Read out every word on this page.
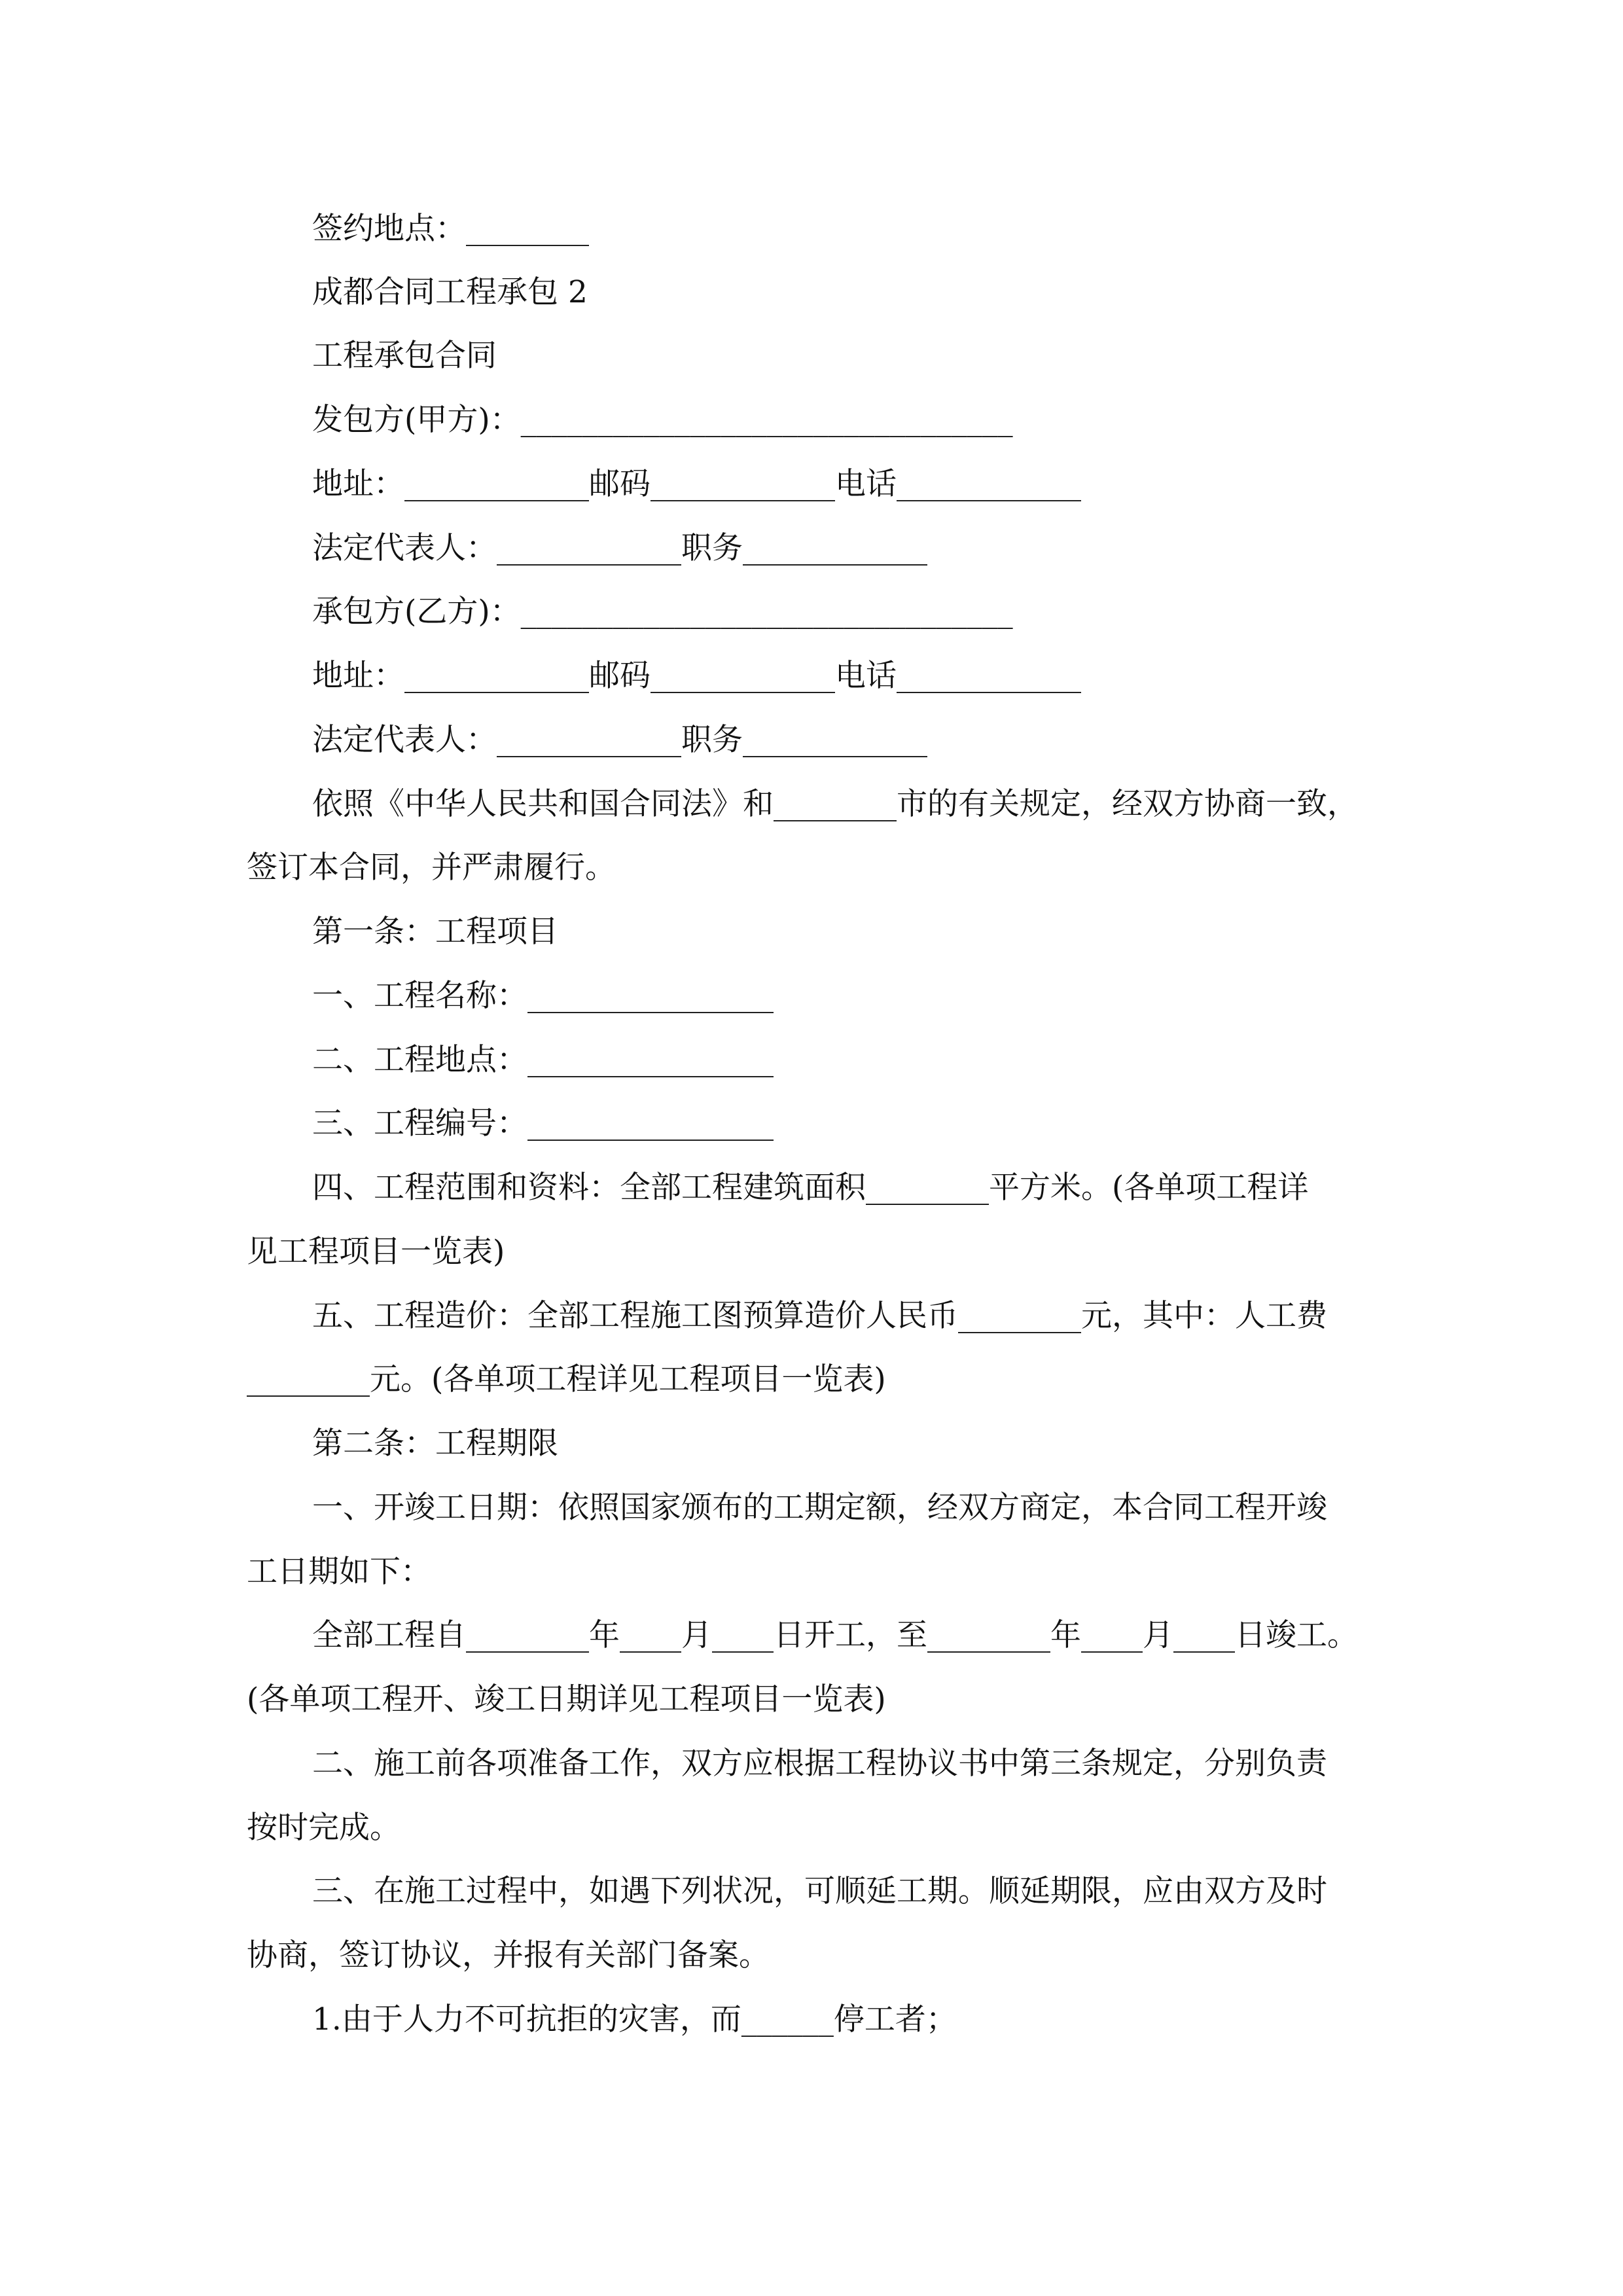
签约地点：________
成都合同工程承包 2
工程承包合同
发包方(甲方)：________________________________
地址：____________邮码____________电话____________
法定代表人：____________职务____________
承包方(乙方)：________________________________
地址：____________邮码____________电话____________
法定代表人：____________职务____________
依照《中华人民共和国合同法》和________市的有关规定，经双方协商一致，
签订本合同，并严肃履行。
第一条：工程项目
一、工程名称：________________
二、工程地点：________________
三、工程编号：________________
四、工程范围和资料：全部工程建筑面积________平方米。(各单项工程详
见工程项目一览表)
五、工程造价：全部工程施工图预算造价人民币________元，其中：人工费
________元。(各单项工程详见工程项目一览表)
第二条：工程期限
一、开竣工日期：依照国家颁布的工期定额，经双方商定，本合同工程开竣
工日期如下：
全部工程自________年____月____日开工，至________年____月____日竣工。
(各单项工程开、竣工日期详见工程项目一览表)
二、施工前各项准备工作，双方应根据工程协议书中第三条规定，分别负责
按时完成。
三、在施工过程中，如遇下列状况，可顺延工期。顺延期限，应由双方及时
协商，签订协议，并报有关部门备案。
1.由于人力不可抗拒的灾害，而______停工者；
